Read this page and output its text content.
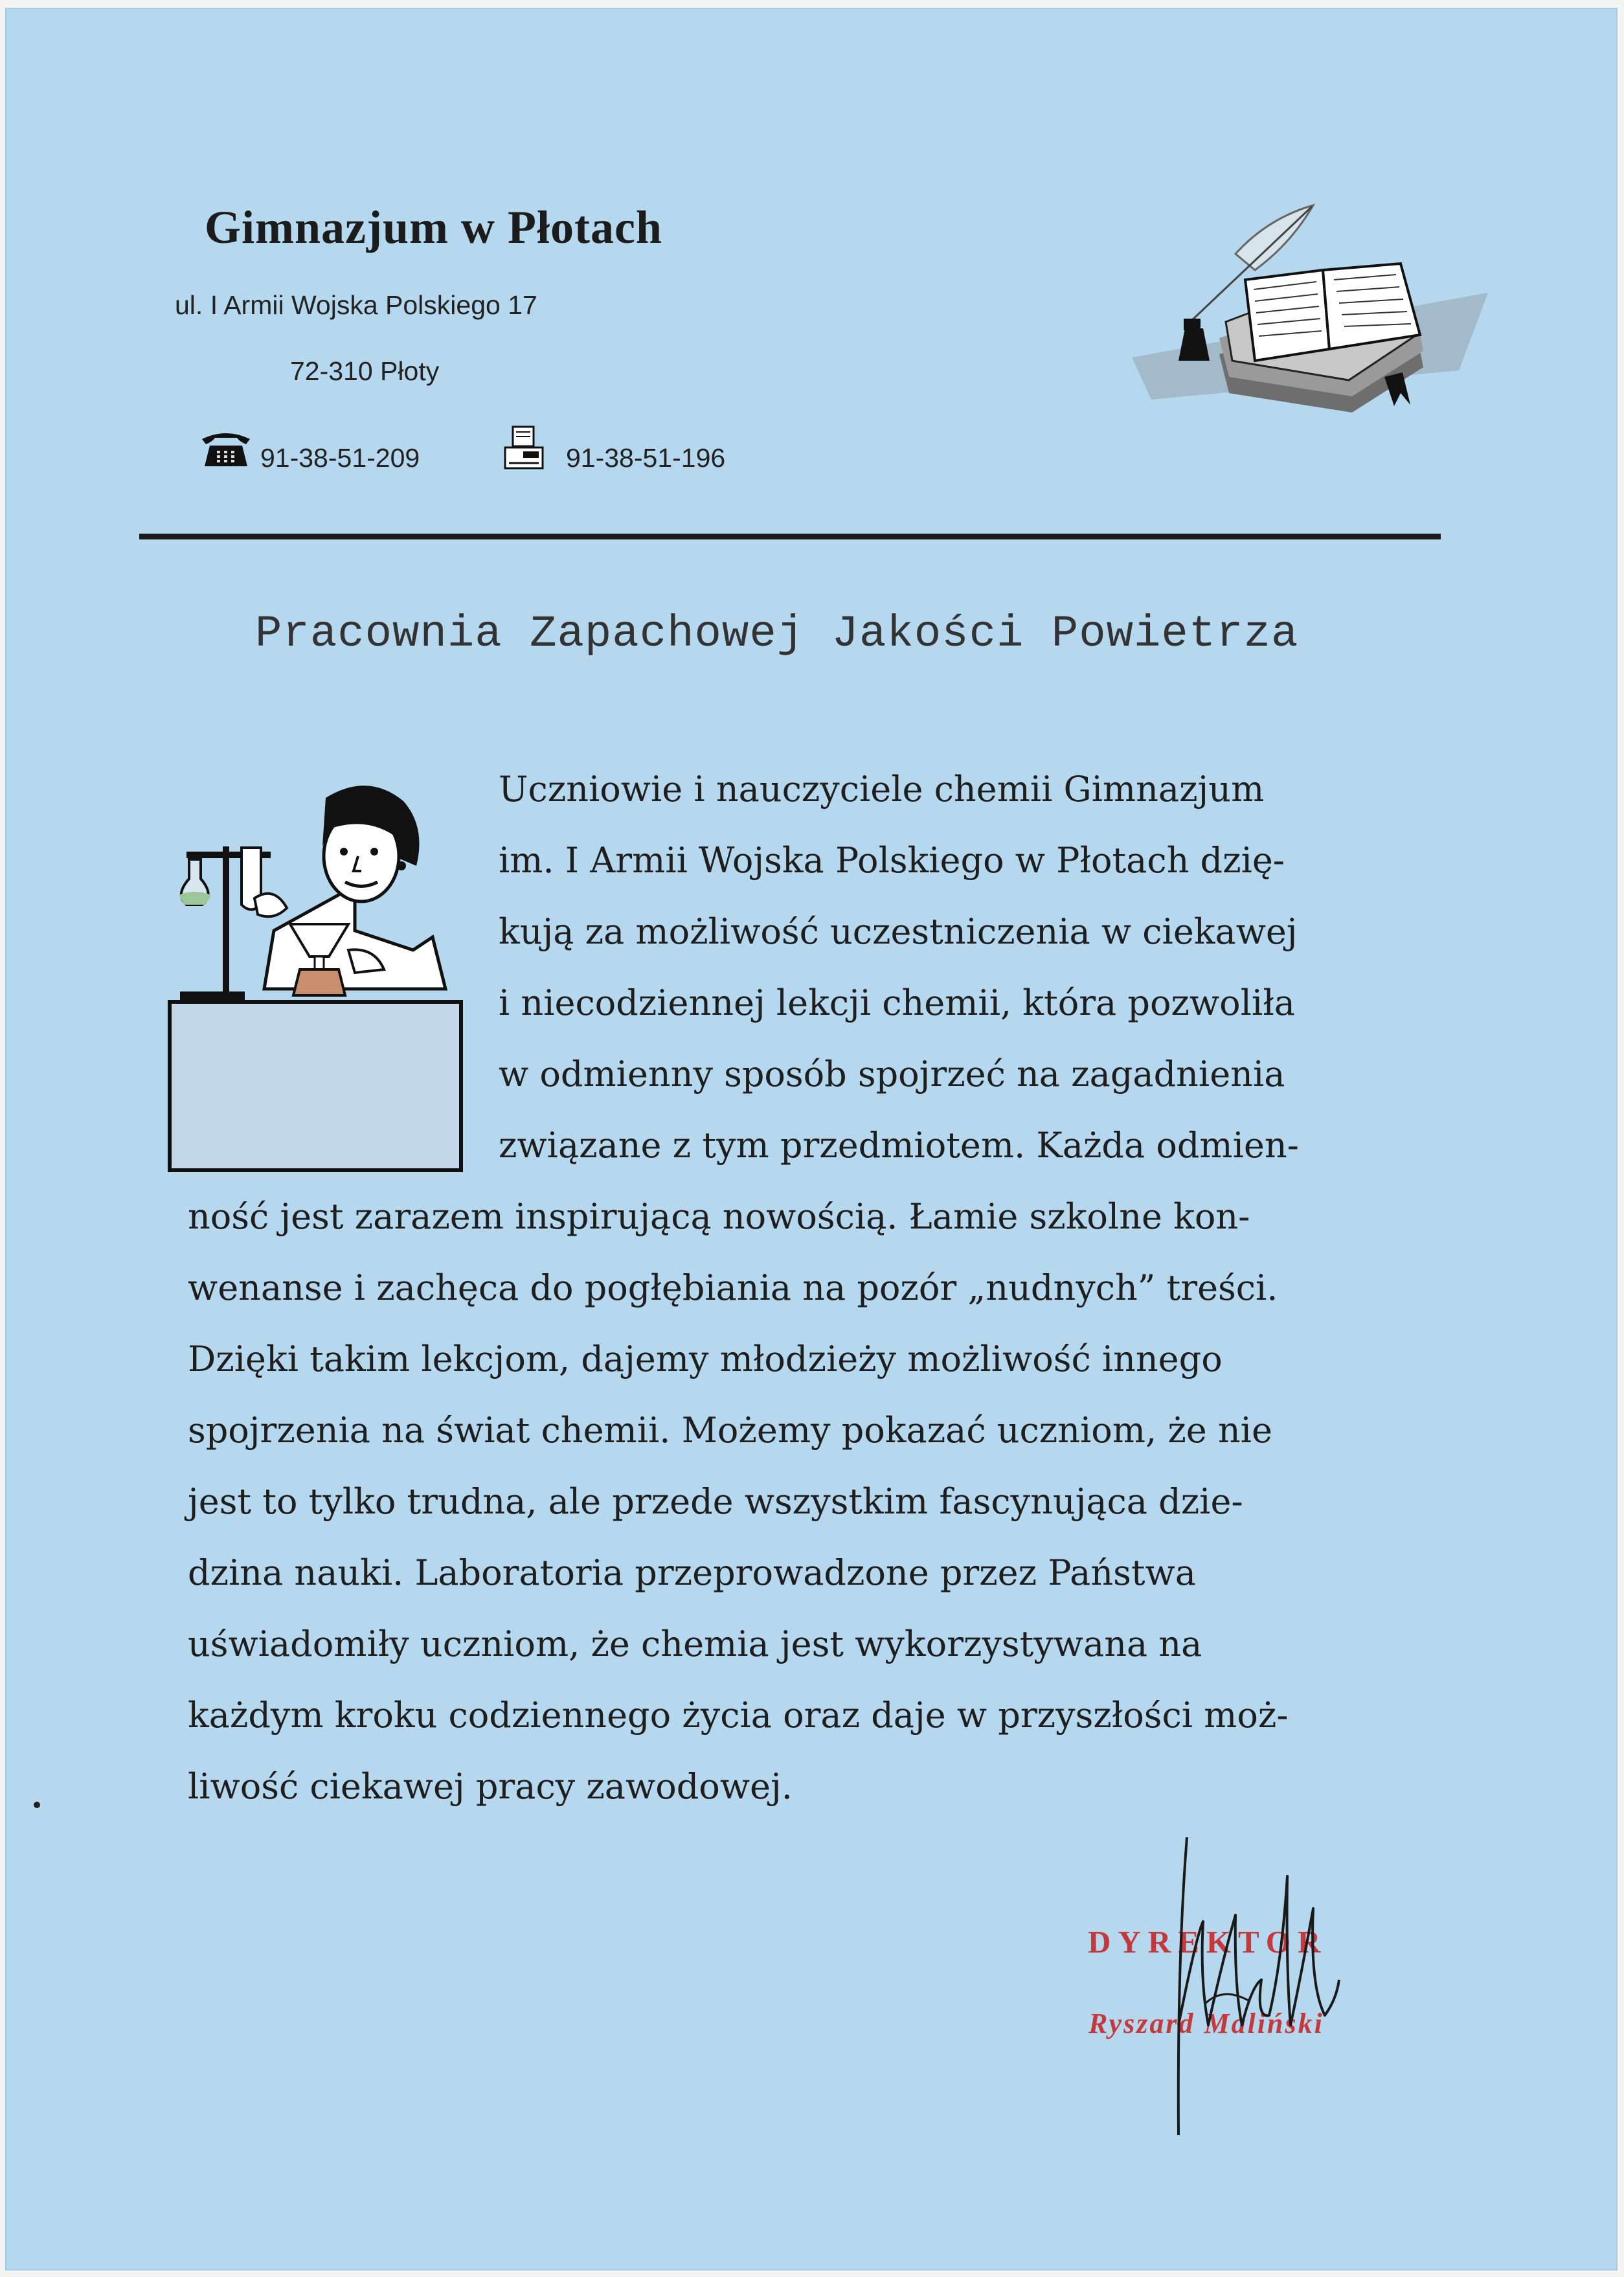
Gimnazjum w Płotach
ul. I Armii Wojska Polskiego 17
72-310 Płoty
91-38-51-209	91-38-51-196
Pracownia Zapachowej Jakości Powietrza
Uczniowie i nauczyciele chemii Gimnazjum
im. I Armii Wojska Polskiego w Płotach dzię-
kują za możliwość uczestniczenia w ciekawej
i niecodziennej lekcji chemii, która pozwoliła
w odmienny sposób spojrzeć na zagadnienia
związane z tym przedmiotem. Każda odmien-
ność jest zarazem inspirującą nowością. Łamie szkolne kon-
wenanse i zachęca do pogłębiania na pozór „nudnych” treści.
Dzięki takim lekcjom, dajemy młodzieży możliwość innego
spojrzenia na świat chemii. Możemy pokazać uczniom, że nie
jest to tylko trudna, ale przede wszystkim fascynująca dzie-
dzina nauki. Laboratoria przeprowadzone przez Państwa
uświadomiły uczniom, że chemia jest wykorzystywana na
każdym kroku codziennego życia oraz daje w przyszłości moż-
liwość ciekawej pracy zawodowej.
DYREKTOR
Ryszard Maliński
